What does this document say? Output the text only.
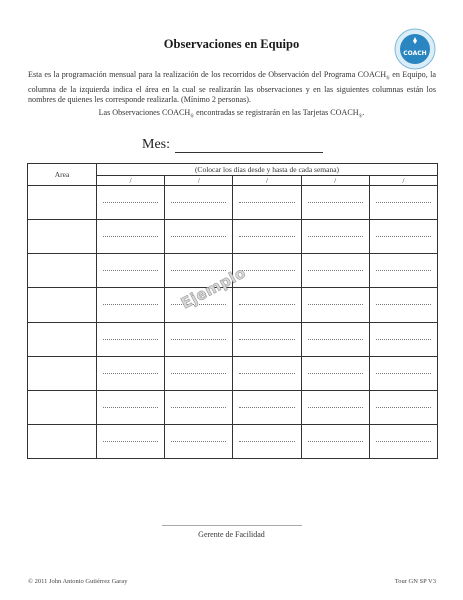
Observaciones en Equipo
COACH
Esta es la programación mensual para la realización de los recorridos de Observación del Programa $COACH_®$ en Equipo, la columna de la izquierda indica el área en la cual se realizarán las observaciones y en las siguientes columnas están los nombres de quienes les corresponde realizarla. (Mínimo 2 personas).
Las Observaciones $COACH_®$ encontradas se registrarán en las Tarjetas $COACH_®$.
Mes:
Area	(Colocar los días desde y hasta de cada semana)				
	/	/	/	/	/

Ejemplo
Gerente de Facilidad
© 2011 John Antonio Gutiérrez Garay	Tour GN SP V3
